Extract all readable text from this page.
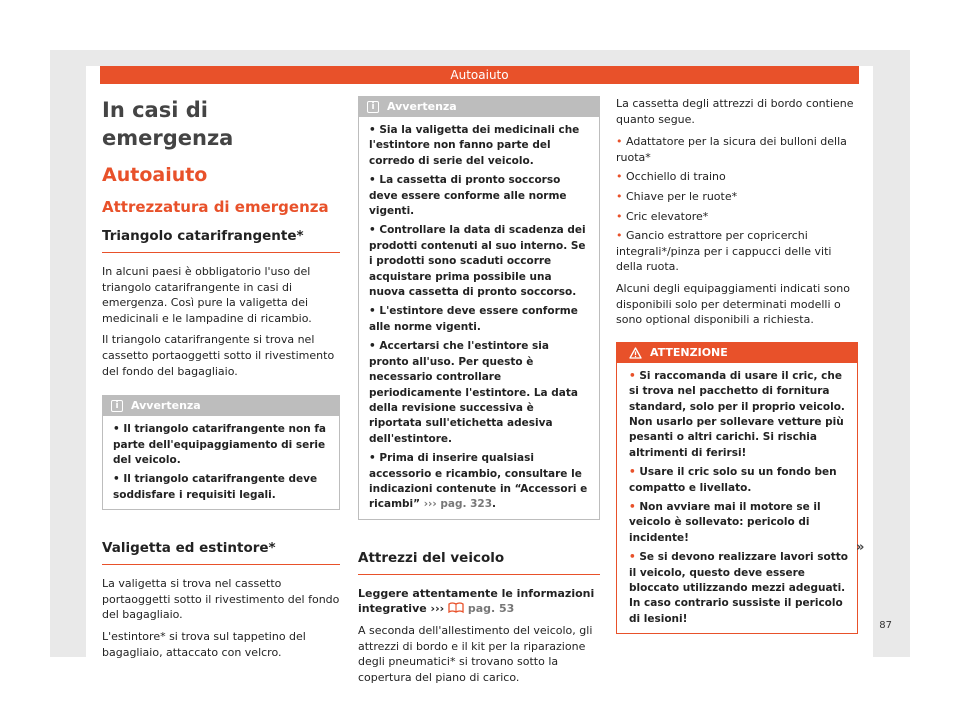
Autoaiuto
In casi di emergenza
Autoaiuto
Attrezzatura di emergenza
Triangolo catarifrangente*

In alcuni paesi è obbligatorio l'uso del triangolo catarifrangente in casi di emergenza. Così pure la valigetta dei medicinali e le lampadine di ricambio.

Il triangolo catarifrangente si trova nel cassetto portaoggetti sotto il rivestimento del fondo del bagagliaio.

i	Avvertenza
• Il triangolo catarifrangente non fa parte dell'equipaggiamento di serie del veicolo.
• Il triangolo catarifrangente deve soddisfare i requisiti legali.
Valigetta ed estintore*

La valigetta si trova nel cassetto portaoggetti sotto il rivestimento del fondo del bagagliaio.

L'estintore* si trova sul tappetino del bagagliaio, attaccato con velcro.

i	Avvertenza
• Sia la valigetta dei medicinali che l'estintore non fanno parte del corredo di serie del veicolo.
• La cassetta di pronto soccorso deve essere conforme alle norme vigenti.
• Controllare la data di scadenza dei prodotti contenuti al suo interno. Se i prodotti sono scaduti occorre acquistare prima possibile una nuova cassetta di pronto soccorso.
• L'estintore deve essere conforme alle norme vigenti.
• Accertarsi che l'estintore sia pronto all'uso. Per questo è necessario controllare periodicamente l'estintore. La data della revisione successiva è riportata sull'etichetta adesiva dell'estintore.
• Prima di inserire qualsiasi accessorio e ricambio, consultare le indicazioni contenute in “Accessori e ricambi” ››› pag. 323.
Attrezzi del veicolo

Leggere attentamente le informazioni integrative ››› pag. 53

A seconda dell'allestimento del veicolo, gli attrezzi di bordo e il kit per la riparazione degli pneumatici* si trovano sotto la copertura del piano di carico.

La cassetta degli attrezzi di bordo contiene quanto segue.

• Adattatore per la sicura dei bulloni della ruota*

• Occhiello di traino

• Chiave per le ruote*

• Cric elevatore*

• Gancio estrattore per copricerchi integrali*/pinza per i cappucci delle viti della ruota.

Alcuni degli equipaggiamenti indicati sono disponibili solo per determinati modelli o sono optional disponibili a richiesta.

ATTENZIONE
• Si raccomanda di usare il cric, che si trova nel pacchetto di fornitura standard, solo per il proprio veicolo. Non usarlo per sollevare vetture più pesanti o altri carichi. Si rischia altrimenti di ferirsi!
• Usare il cric solo su un fondo ben compatto e livellato.
• Non avviare mai il motore se il veicolo è sollevato: pericolo di incidente!
• Se si devono realizzare lavori sotto il veicolo, questo deve essere bloccato utilizzando mezzi adeguati. In caso contrario sussiste il pericolo di lesioni!
»
87
